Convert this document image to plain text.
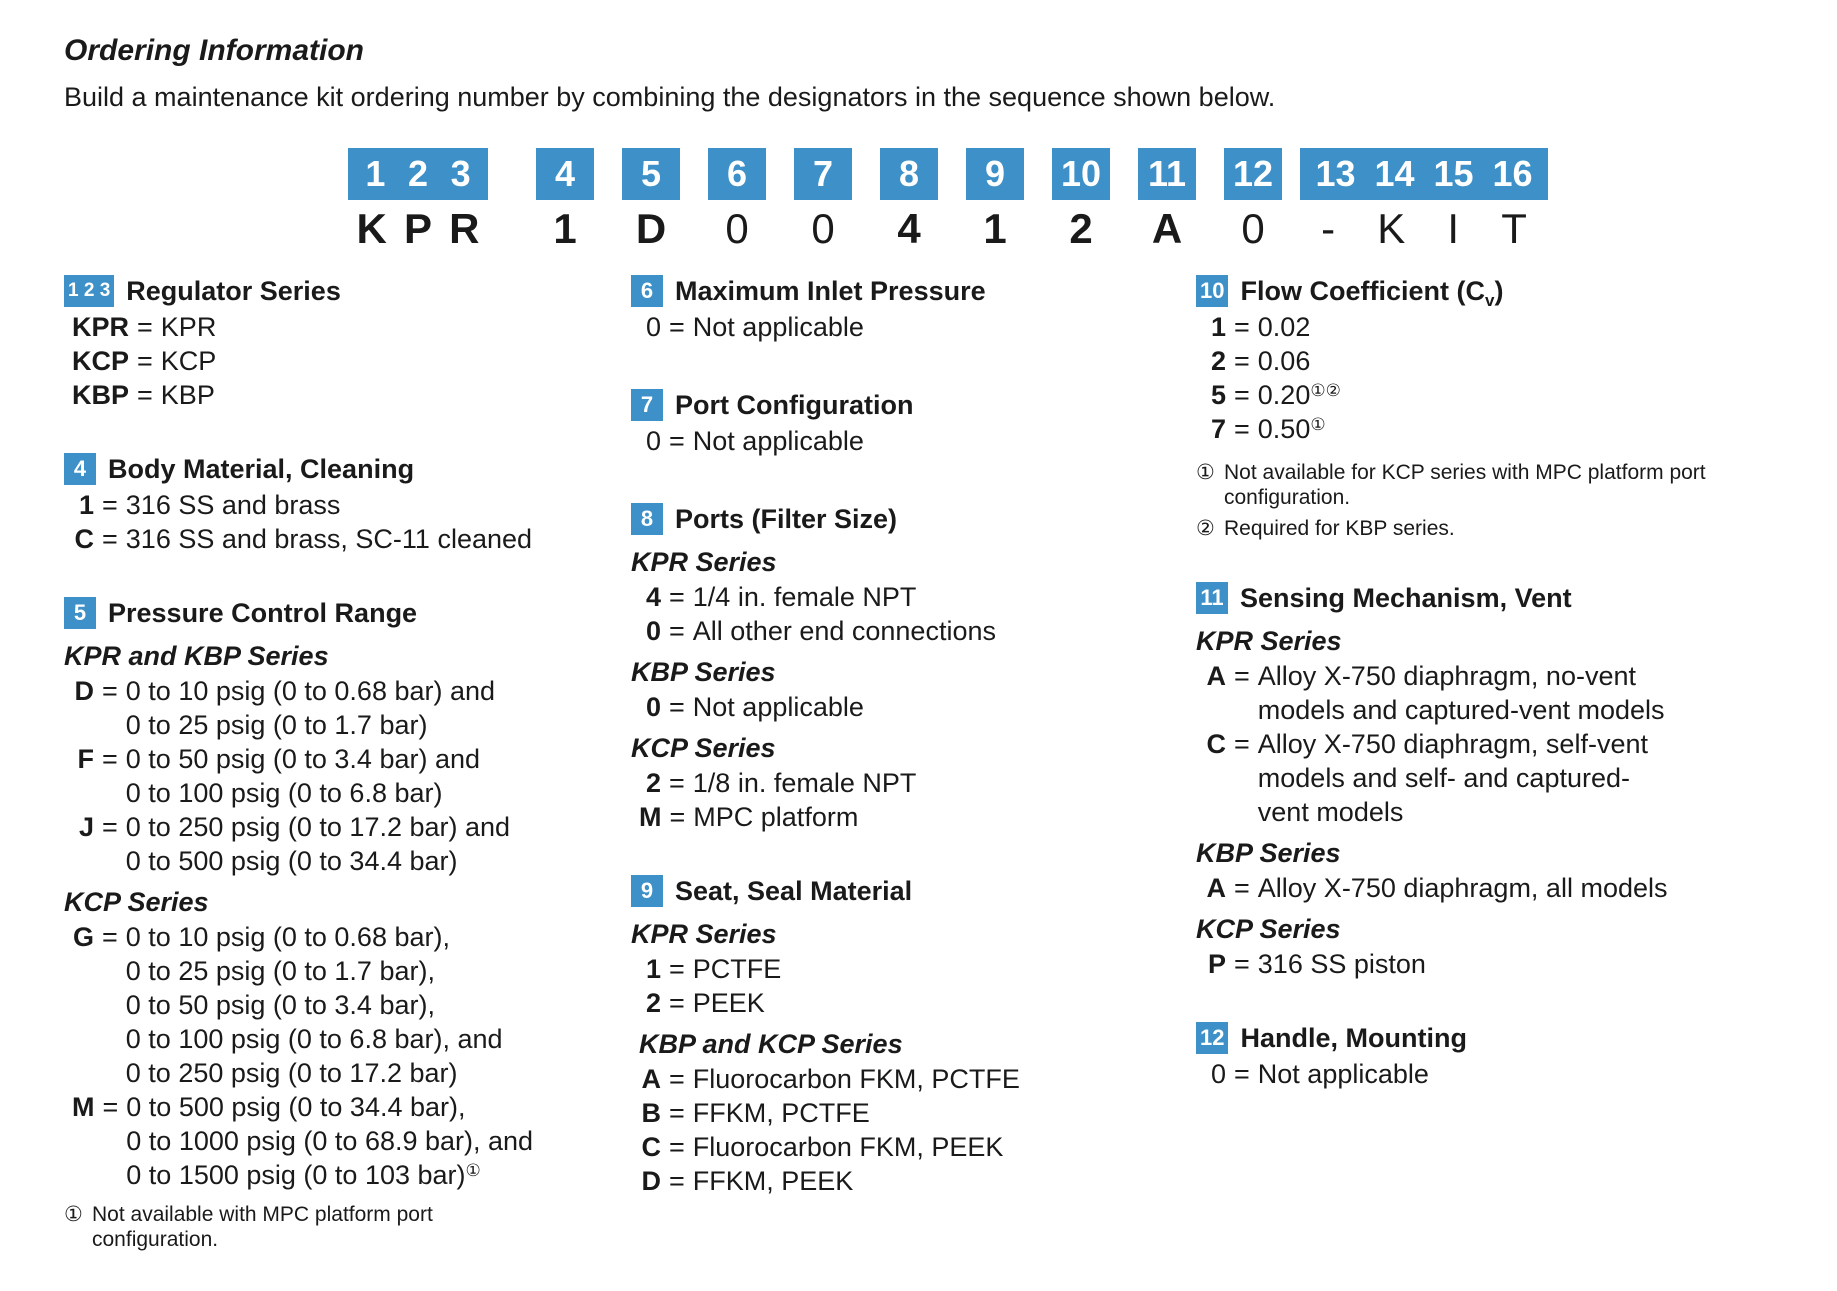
Ordering Information
Build a maintenance kit ordering number by combining the designators in the sequence shown below.
1 2 3
K P R
4
1
5
D
6
0
7
0
8
4
9
1
10
2
11
A
12
0
13 14 15 16
- K I T
1 2 3 Regulator Series
KPR = KPR
KCP = KCP
KBP = KBP
4 Body Material, Cleaning
1 = 316 SS and brass
C = 316 SS and brass, SC-11 cleaned
5 Pressure Control Range
KPR and KBP Series
D = 0 to 10 psig (0 to 0.68 bar) and
0 to 25 psig (0 to 1.7 bar)
F = 0 to 50 psig (0 to 3.4 bar) and
0 to 100 psig (0 to 6.8 bar)
J = 0 to 250 psig (0 to 17.2 bar) and
0 to 500 psig (0 to 34.4 bar)
KCP Series
G = 0 to 10 psig (0 to 0.68 bar),
0 to 25 psig (0 to 1.7 bar),
0 to 50 psig (0 to 3.4 bar),
0 to 100 psig (0 to 6.8 bar), and
0 to 250 psig (0 to 17.2 bar)
M = 0 to 500 psig (0 to 34.4 bar),
0 to 1000 psig (0 to 68.9 bar), and
0 to 1500 psig (0 to 103 bar)①
① Not available with MPC platform port configuration.
6 Maximum Inlet Pressure
0 = Not applicable
7 Port Configuration
0 = Not applicable
8 Ports (Filter Size)
KPR Series
4 = 1/4 in. female NPT
0 = All other end connections
KBP Series
0 = Not applicable
KCP Series
2 = 1/8 in. female NPT
M = MPC platform
9 Seat, Seal Material
KPR Series
1 = PCTFE
2 = PEEK
KBP and KCP Series
A = Fluorocarbon FKM, PCTFE
B = FFKM, PCTFE
C = Fluorocarbon FKM, PEEK
D = FFKM, PEEK
10 Flow Coefficient $(C_v)$
1 = 0.02
2 = 0.06
5 = 0.20①②
7 = 0.50①
① Not available for KCP series with MPC platform port configuration.
② Required for KBP series.
11 Sensing Mechanism, Vent
KPR Series
A = Alloy X-750 diaphragm, no-vent
models and captured-vent models
C = Alloy X-750 diaphragm, self-vent
models and self- and captured-
vent models
KBP Series
A = Alloy X-750 diaphragm, all models
KCP Series
P = 316 SS piston
12 Handle, Mounting
0 = Not applicable
